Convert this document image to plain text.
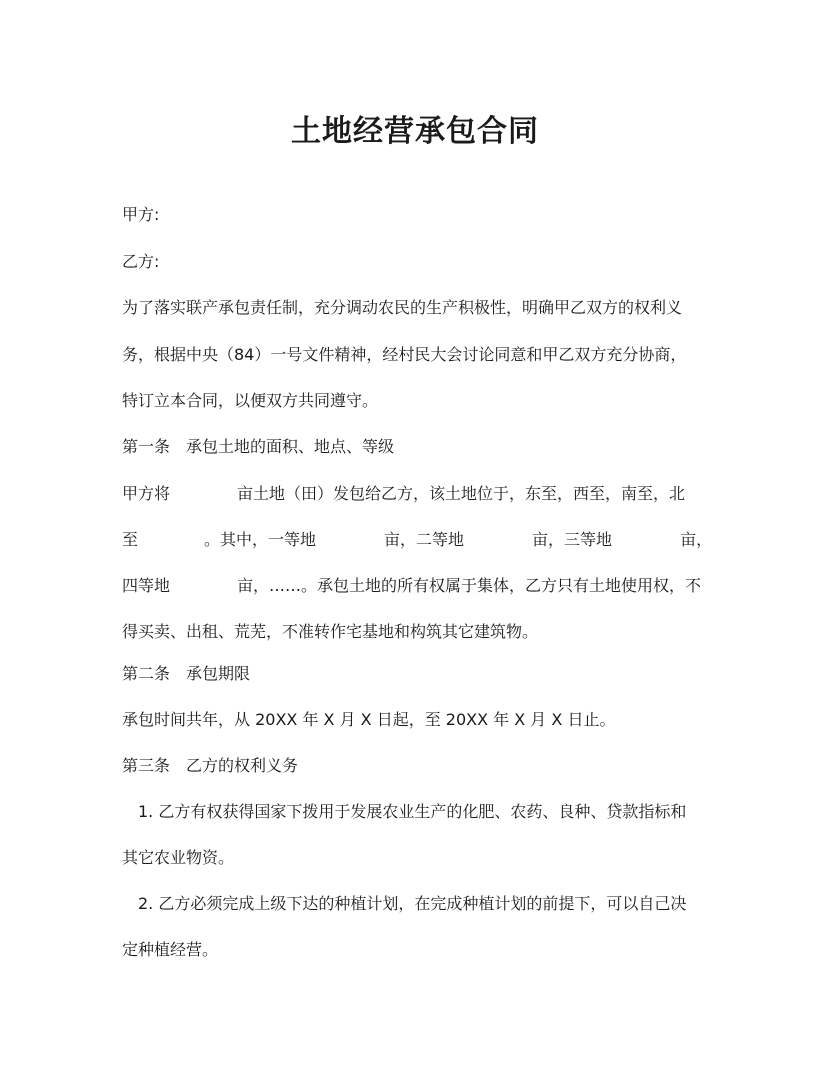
土地经营承包合同
甲方:
乙方:
为了落实联产承包责任制，充分调动农民的生产积极性，明确甲乙双方的权利义
务，根据中央（84）一号文件精神，经村民大会讨论同意和甲乙双方充分协商，
特订立本合同，以便双方共同遵守。
第一条　承包土地的面积、地点、等级
甲方将	亩土地（田）发包给乙方，该土地位于，东至，西至，南至，北
至	。其中，一等地	亩，二等地	亩，三等地	亩，
四等地	亩，……。承包土地的所有权属于集体，乙方只有土地使用权，不
得买卖、出租、荒芜，不准转作宅基地和构筑其它建筑物。
第二条　承包期限
承包时间共年，从 20XX 年 X 月 X 日起，至 20XX 年 X 月 X 日止。
第三条　乙方的权利义务
1. 乙方有权获得国家下拨用于发展农业生产的化肥、农药、良种、贷款指标和
其它农业物资。
2. 乙方必须完成上级下达的种植计划，在完成种植计划的前提下，可以自己决
定种植经营。
